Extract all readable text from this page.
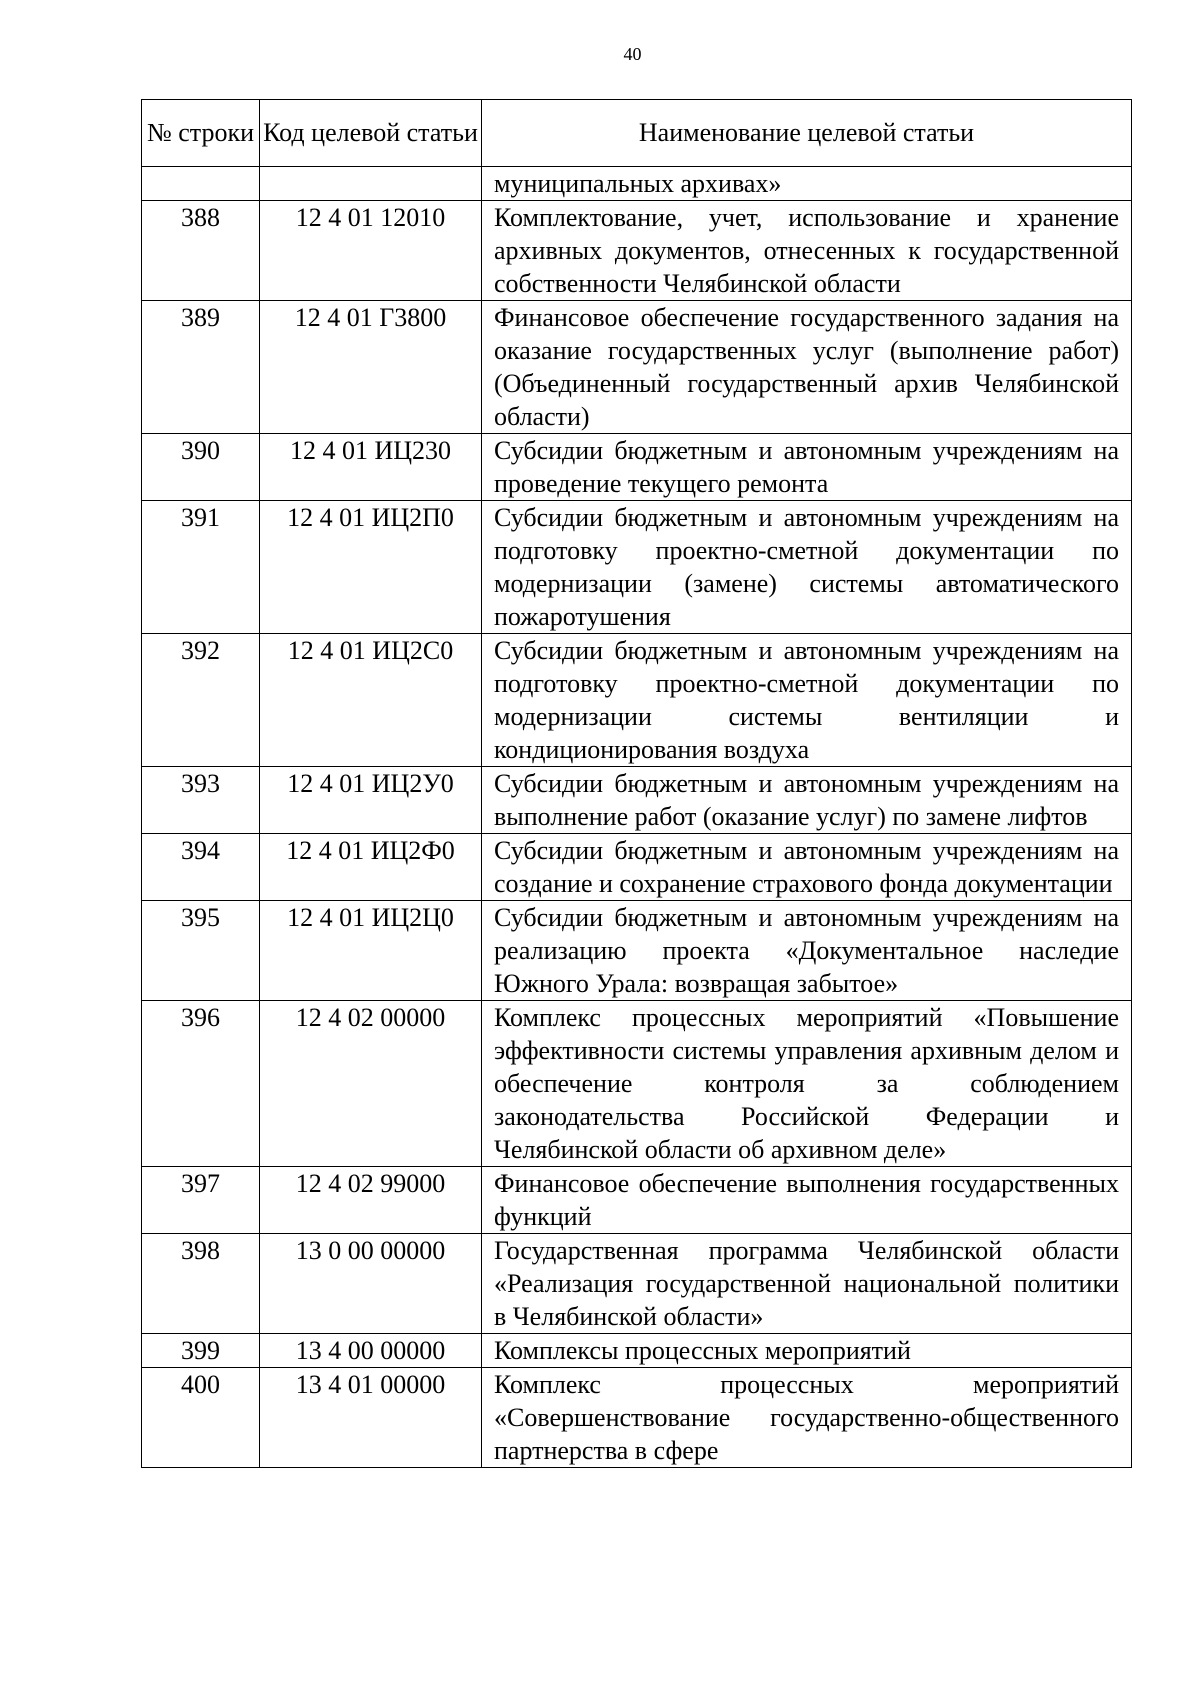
40
№ строки	Код целевой статьи	Наименование целевой статьи
		муниципальных архивах»
388	12 4 01 12010	Комплектование, учет, использование и хранение архивных документов, отнесенных к государственной собственности Челябинской области
389	12 4 01 Г3800	Финансовое обеспечение государственного задания на оказание государственных услуг (выполнение работ) (Объединенный государственный архив Челябинской области)
390	12 4 01 ИЦ230	Субсидии бюджетным и автономным учреждениям на проведение текущего ремонта
391	12 4 01 ИЦ2П0	Субсидии бюджетным и автономным учреждениям на подготовку проектно-сметной документации по модернизации (замене) системы автоматического пожаротушения
392	12 4 01 ИЦ2С0	Субсидии бюджетным и автономным учреждениям на подготовку проектно-сметной документации по модернизации системы вентиляции и кондиционирования воздуха
393	12 4 01 ИЦ2У0	Субсидии бюджетным и автономным учреждениям на выполнение работ (оказание услуг) по замене лифтов
394	12 4 01 ИЦ2Ф0	Субсидии бюджетным и автономным учреждениям на создание и сохранение страхового фонда документации
395	12 4 01 ИЦ2Ц0	Субсидии бюджетным и автономным учреждениям на реализацию проекта «Документальное наследие Южного Урала: возвращая забытое»
396	12 4 02 00000	Комплекс процессных мероприятий «Повышение эффективности системы управления архивным делом и обеспечение контроля за соблюдением законодательства Российской Федерации и Челябинской области об архивном деле»
397	12 4 02 99000	Финансовое обеспечение выполнения государственных функций
398	13 0 00 00000	Государственная программа Челябинской области «Реализация государственной национальной политики в Челябинской области»
399	13 4 00 00000	Комплексы процессных мероприятий
400	13 4 01 00000	Комплекс процессных мероприятий «Совершенствование государственно-общественного партнерства в сфере
